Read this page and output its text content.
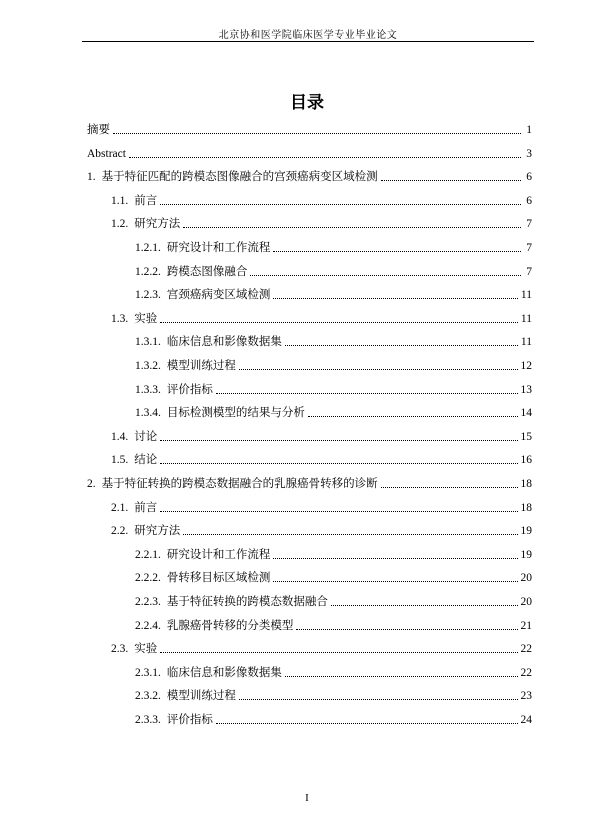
北京协和医学院临床医学专业毕业论文
目录
摘要	1
Abstract	3
1. 基于特征匹配的跨模态图像融合的宫颈癌病变区域检测	6
1.1. 前言	6
1.2. 研究方法	7
1.2.1. 研究设计和工作流程	7
1.2.2. 跨模态图像融合	7
1.2.3. 宫颈癌病变区域检测	11
1.3. 实验	11
1.3.1. 临床信息和影像数据集	11
1.3.2. 模型训练过程	12
1.3.3. 评价指标	13
1.3.4. 目标检测模型的结果与分析	14
1.4. 讨论	15
1.5. 结论	16
2. 基于特征转换的跨模态数据融合的乳腺癌骨转移的诊断	18
2.1. 前言	18
2.2. 研究方法	19
2.2.1. 研究设计和工作流程	19
2.2.2. 骨转移目标区域检测	20
2.2.3. 基于特征转换的跨模态数据融合	20
2.2.4. 乳腺癌骨转移的分类模型	21
2.3. 实验	22
2.3.1. 临床信息和影像数据集	22
2.3.2. 模型训练过程	23
2.3.3. 评价指标	24
I
